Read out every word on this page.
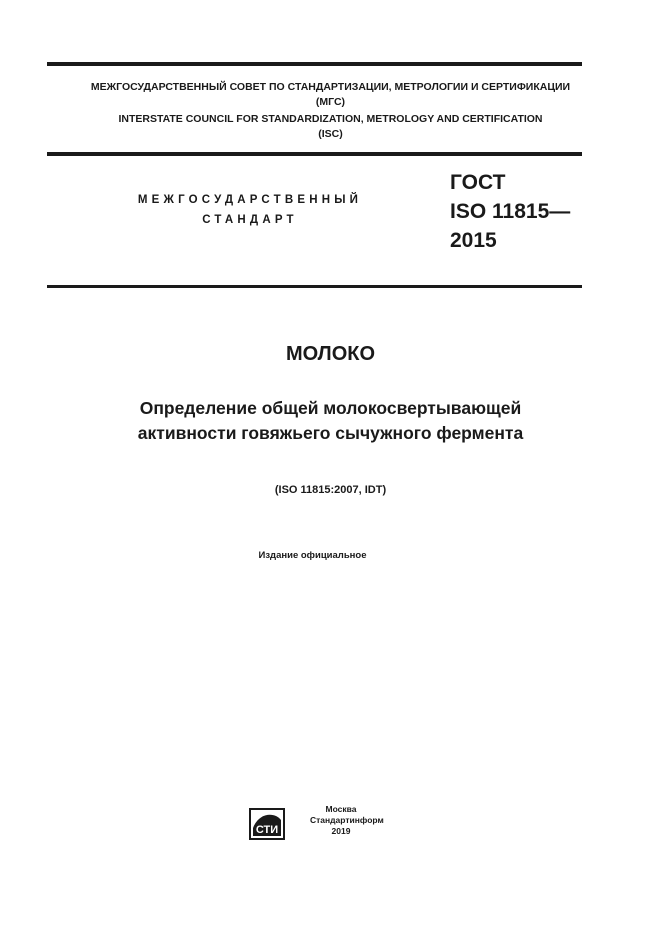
МЕЖГОСУДАРСТВЕННЫЙ СОВЕТ ПО СТАНДАРТИЗАЦИИ, МЕТРОЛОГИИ И СЕРТИФИКАЦИИ
(МГС)
INTERSTATE COUNCIL FOR STANDARDIZATION, METROLOGY AND CERTIFICATION
(ISC)
МЕЖГОСУДАРСТВЕННЫЙ
СТАНДАРТ
ГОСТ
ISO 11815—
2015
МОЛОКО
Определение общей молокосвертывающей
активности говяжьего сычужного фермента
(ISO 11815:2007, IDT)
Издание официальное
СТИ
Москва
Стандартинформ
2019
